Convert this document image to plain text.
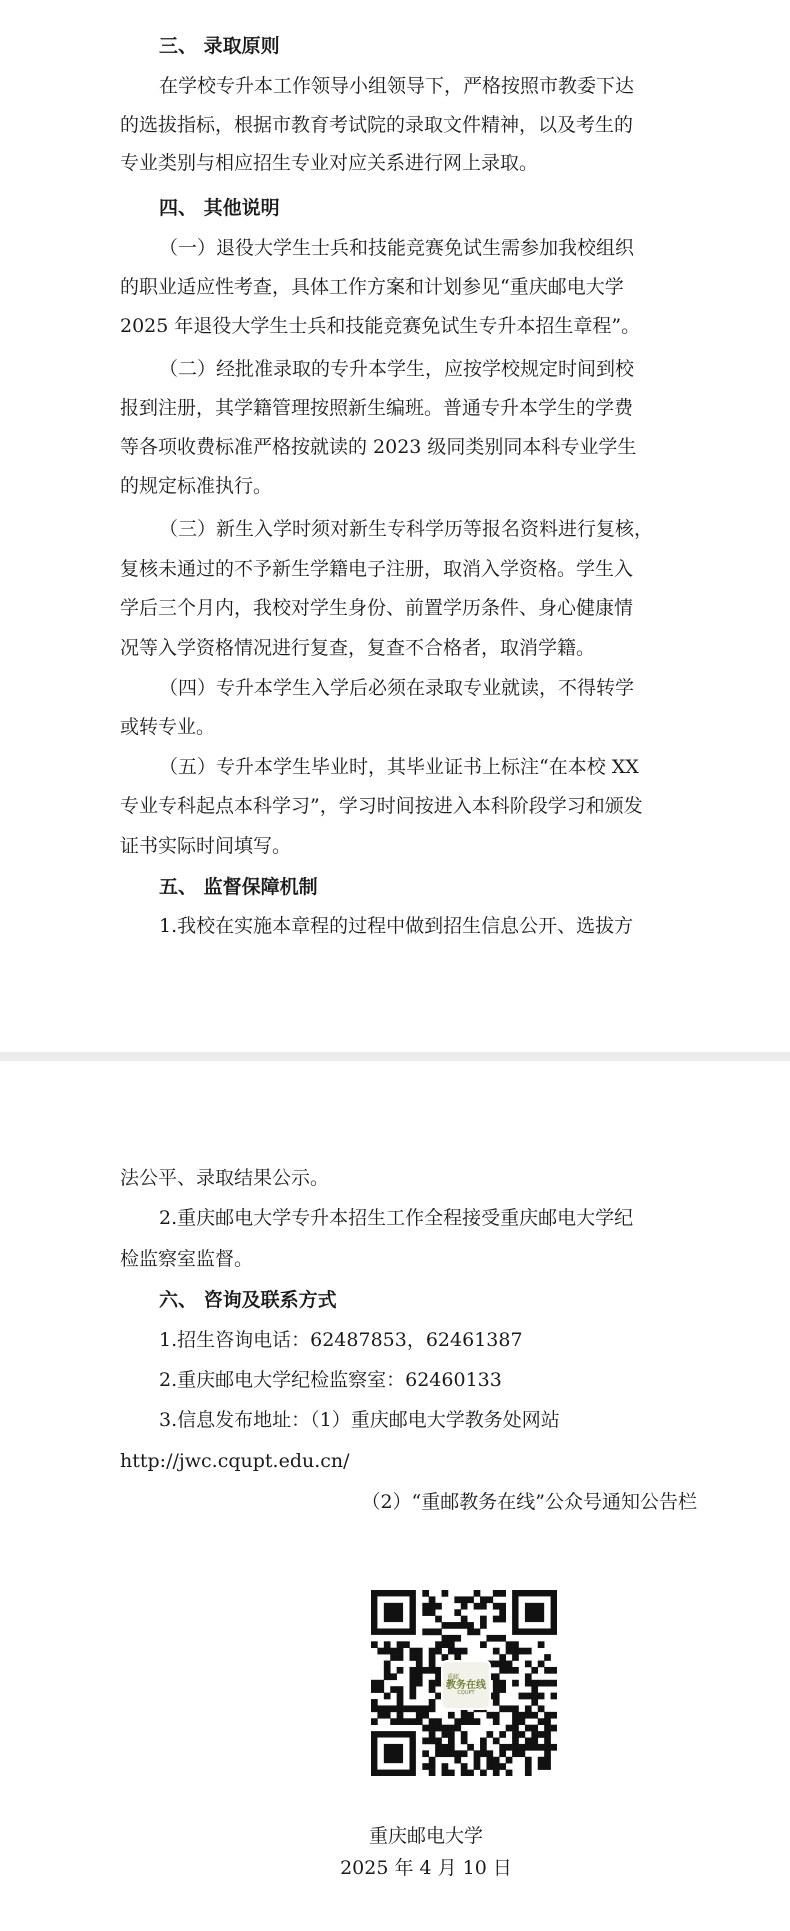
三、 录取原则

在学校专升本工作领导小组领导下，严格按照市教委下达

的选拔指标，根据市教育考试院的录取文件精神，以及考生的

专业类别与相应招生专业对应关系进行网上录取。

四、 其他说明

（一）退役大学生士兵和技能竞赛免试生需参加我校组织

的职业适应性考查，具体工作方案和计划参见“重庆邮电大学

2025 年退役大学生士兵和技能竞赛免试生专升本招生章程”。

（二）经批准录取的专升本学生，应按学校规定时间到校

报到注册，其学籍管理按照新生编班。普通专升本学生的学费

等各项收费标准严格按就读的 2023 级同类别同本科专业学生

的规定标准执行。

（三）新生入学时须对新生专科学历等报名资料进行复核，

复核未通过的不予新生学籍电子注册，取消入学资格。学生入

学后三个月内，我校对学生身份、前置学历条件、身心健康情

况等入学资格情况进行复查，复查不合格者，取消学籍。

（四）专升本学生入学后必须在录取专业就读，不得转学

或转专业。

（五）专升本学生毕业时，其毕业证书上标注“在本校 XX

专业专科起点本科学习”，学习时间按进入本科阶段学习和颁发

证书实际时间填写。

五、 监督保障机制

1.我校在实施本章程的过程中做到招生信息公开、选拔方

法公平、录取结果公示。

2.重庆邮电大学专升本招生工作全程接受重庆邮电大学纪

检监察室监督。

六、 咨询及联系方式

1.招生咨询电话：62487853，62461387

2.重庆邮电大学纪检监察室：62460133

3.信息发布地址：（1）重庆邮电大学教务处网站

http://jwc.cqupt.edu.cn/

（2）“重邮教务在线”公众号通知公告栏

重邮
教务在线
CQUPT

重庆邮电大学

2025 年 4 月 10 日
